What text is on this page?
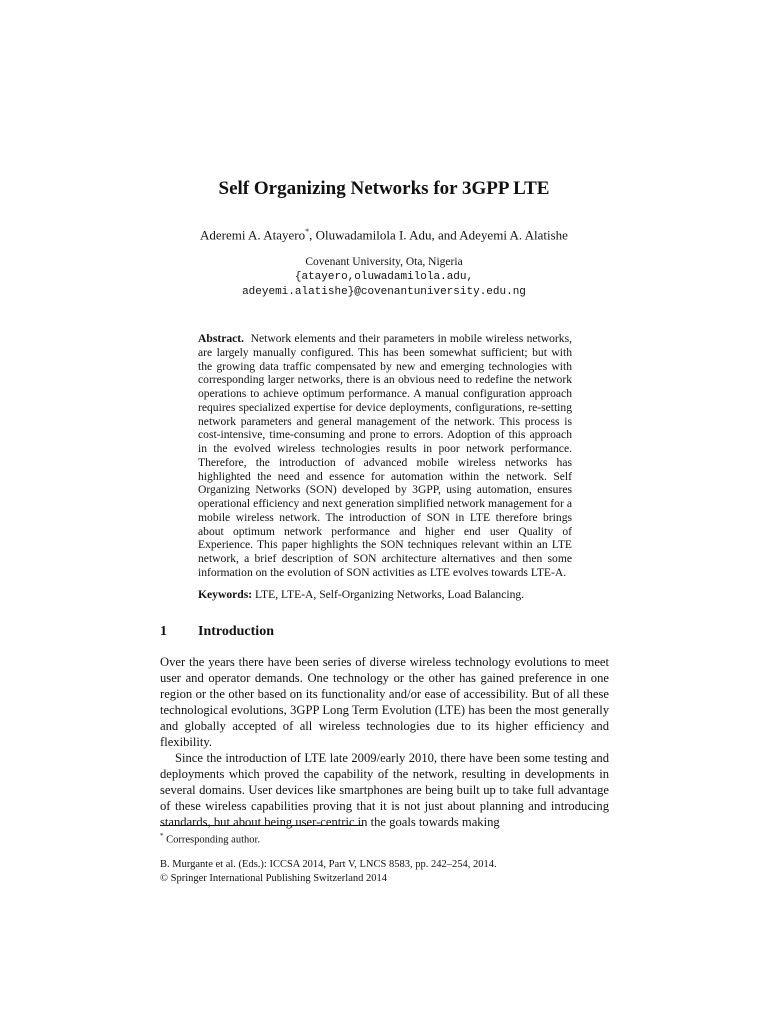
Self Organizing Networks for 3GPP LTE
Aderemi A. Atayero*, Oluwadamilola I. Adu, and Adeyemi A. Alatishe
Covenant University, Ota, Nigeria
{atayero,oluwadamilola.adu,
adeyemi.alatishe}@covenantuniversity.edu.ng

Abstract. Network elements and their parameters in mobile wireless networks, are largely manually configured. This has been somewhat sufficient; but with the growing data traffic compensated by new and emerging technologies with corresponding larger networks, there is an obvious need to redefine the network operations to achieve optimum performance. A manual configuration approach requires specialized expertise for device deployments, configurations, re-setting network parameters and general management of the network. This process is cost-intensive, time-consuming and prone to errors. Adoption of this approach in the evolved wireless technologies results in poor network performance. Therefore, the introduction of advanced mobile wireless networks has highlighted the need and essence for automation within the network. Self Organizing Networks (SON) developed by 3GPP, using automation, ensures operational efficiency and next generation simplified network management for a mobile wireless network. The introduction of SON in LTE therefore brings about optimum network performance and higher end user Quality of Experience. This paper highlights the SON techniques relevant within an LTE network, a brief description of SON architecture alternatives and then some information on the evolution of SON activities as LTE evolves towards LTE-A.

Keywords: LTE, LTE-A, Self-Organizing Networks, Load Balancing.

1 Introduction

Over the years there have been series of diverse wireless technology evolutions to meet user and operator demands. One technology or the other has gained preference in one region or the other based on its functionality and/or ease of accessibility. But of all these technological evolutions, 3GPP Long Term Evolution (LTE) has been the most generally and globally accepted of all wireless technologies due to its higher efficiency and flexibility.

Since the introduction of LTE late 2009/early 2010, there have been some testing and deployments which proved the capability of the network, resulting in developments in several domains. User devices like smartphones are being built up to take full advantage of these wireless capabilities proving that it is not just about planning and introducing standards, but about being user-centric in the goals towards making

* Corresponding author.

B. Murgante et al. (Eds.): ICCSA 2014, Part V, LNCS 8583, pp. 242–254, 2014.

© Springer International Publishing Switzerland 2014
